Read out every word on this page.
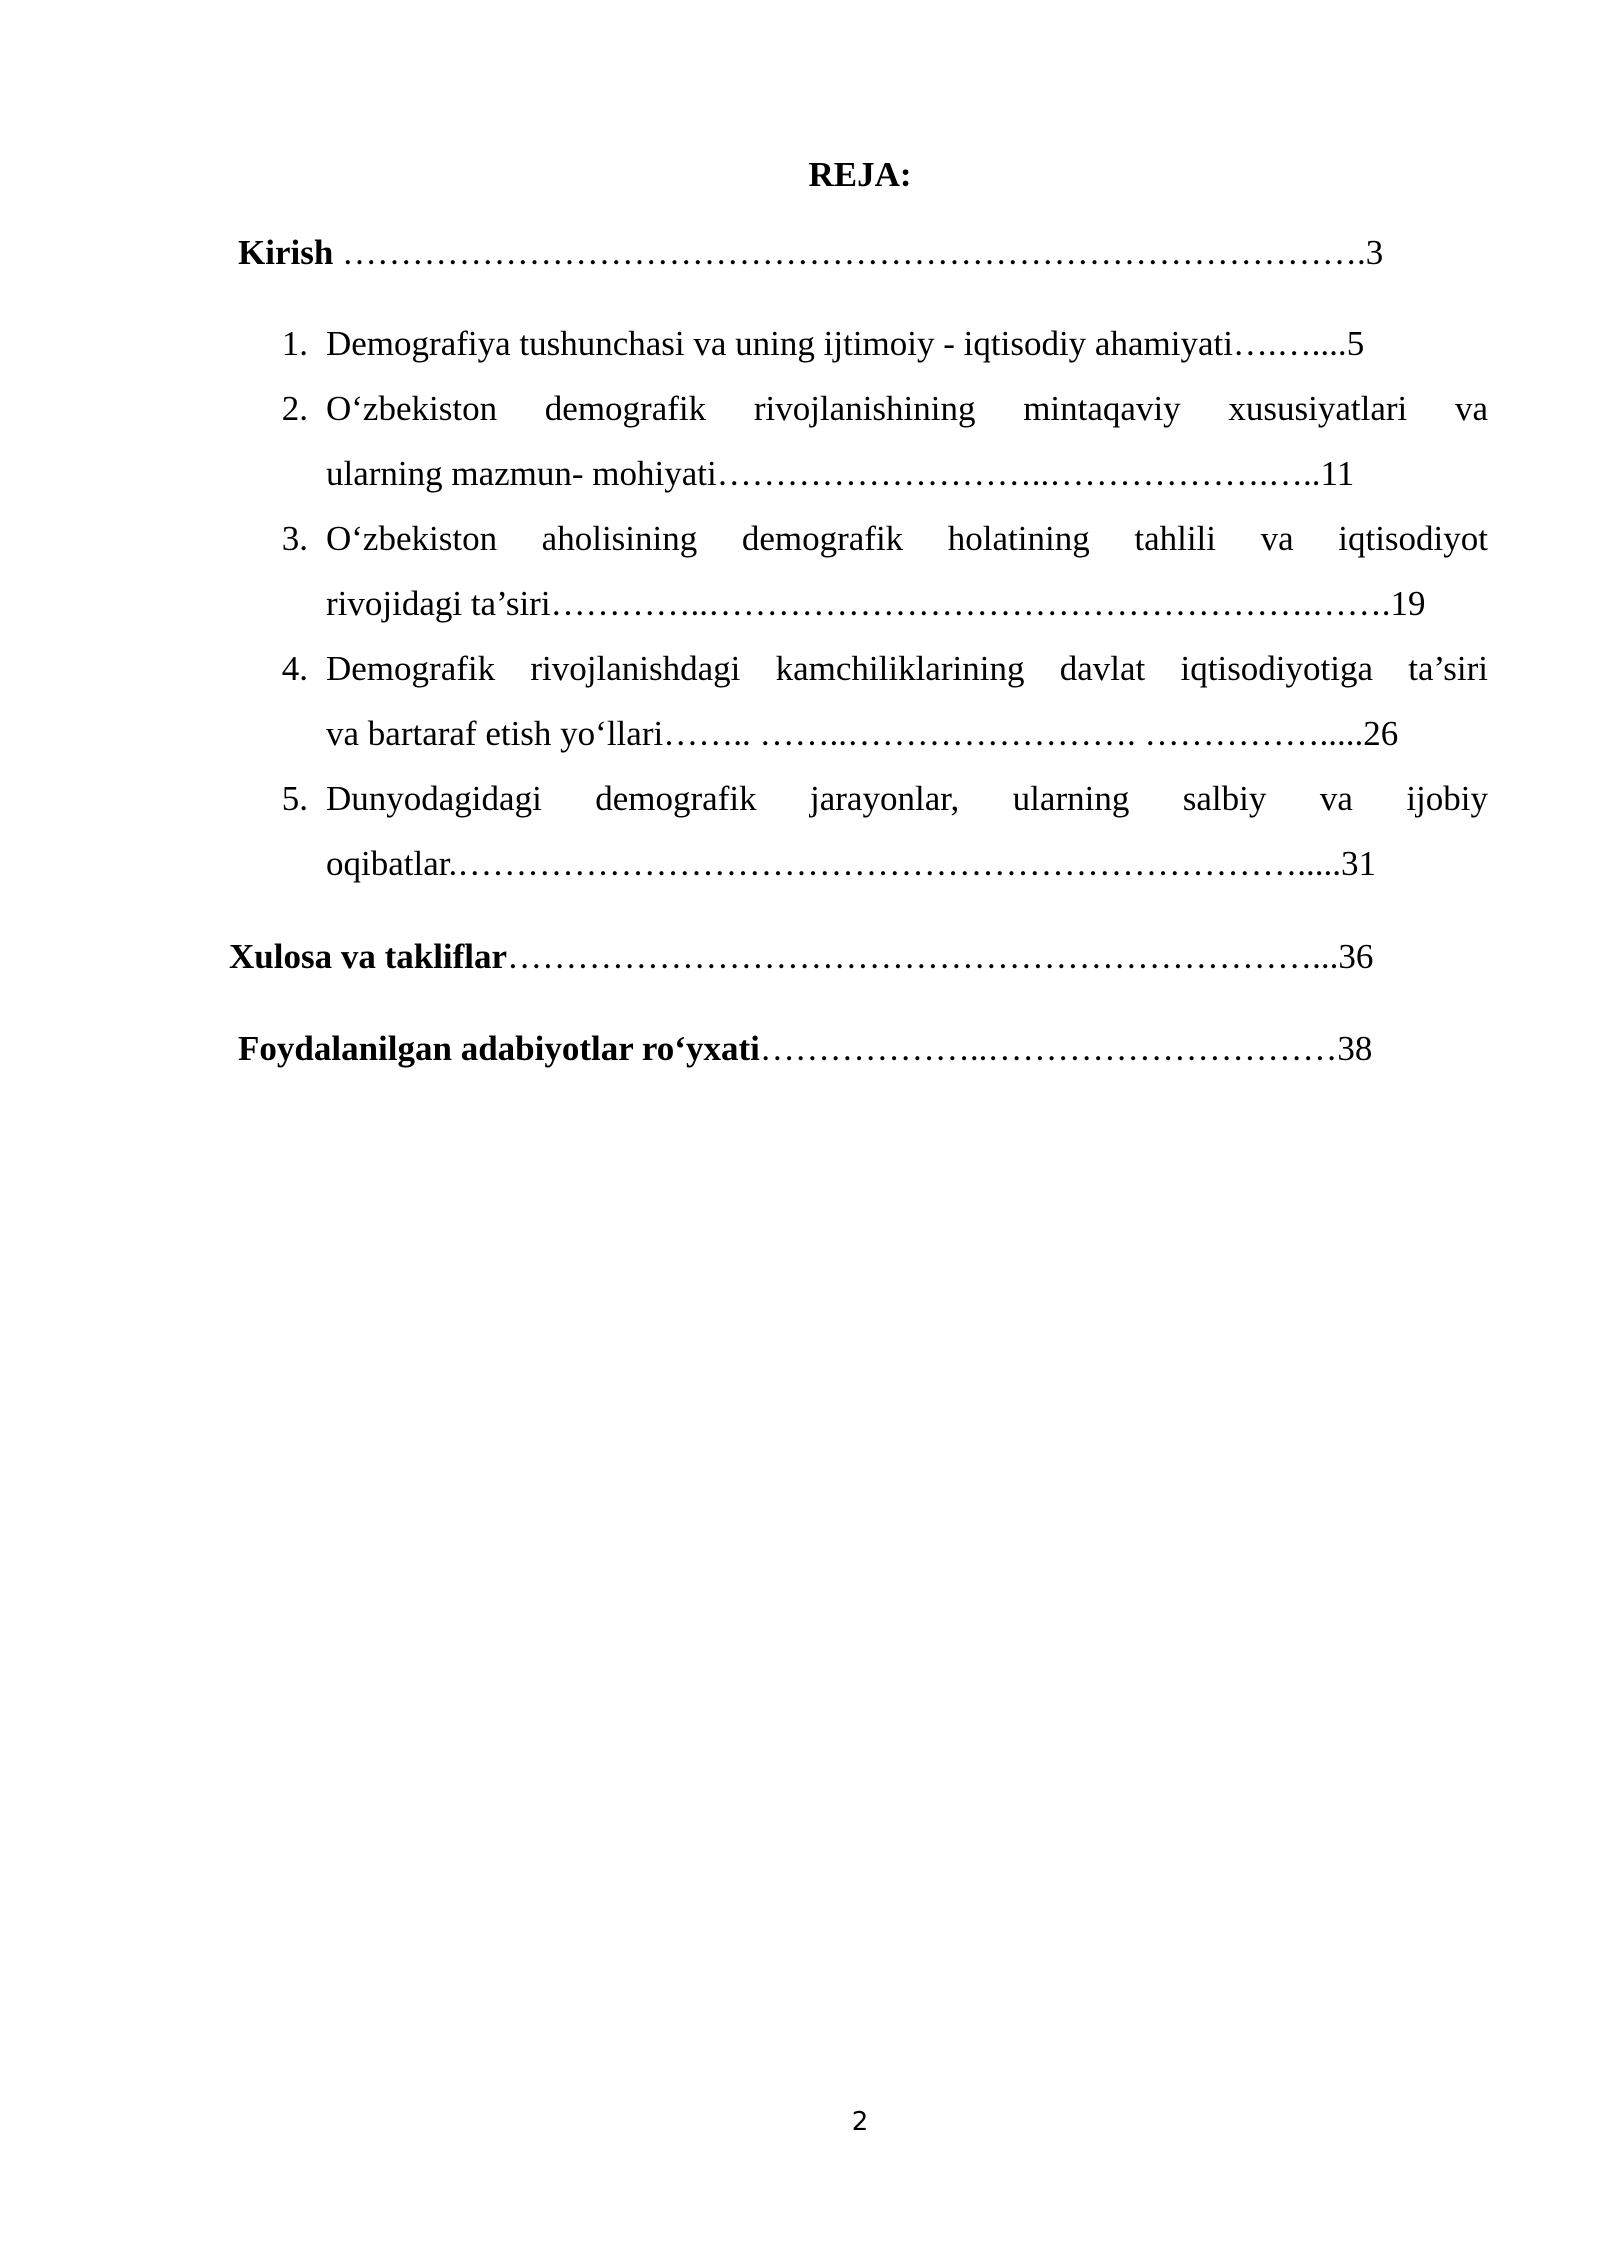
REJA:
Kirish …………………………………………………………………………….3
1. Demografiya tushunchasi va uning ijtimoiy - iqtisodiy ahamiyati….…....5
2. O‘zbekiston demografik rivojlanishining mintaqaviy xususiyatlari va
ularning mazmun- mohiyati………………………..……………….…..11
3. O‘zbekiston aholisining demografik holatining tahlili va iqtisodiyot
rivojidagi ta’siri…………..…………………………………………….…….19
4. Demografik rivojlanishdagi kamchiliklarining davlat iqtisodiyotiga ta’siri
va bartaraf etish yo‘llari…….. ……..……………………. …………….....26
5. Dunyodagidagi demografik jarayonlar, ularning salbiy va ijobiy
oqibatlar.……………………………………………………………….....31
Xulosa va takliflar……………………………………………………………...36
Foydalanilgan adabiyotlar ro‘yxati………………..…………………………38
2
